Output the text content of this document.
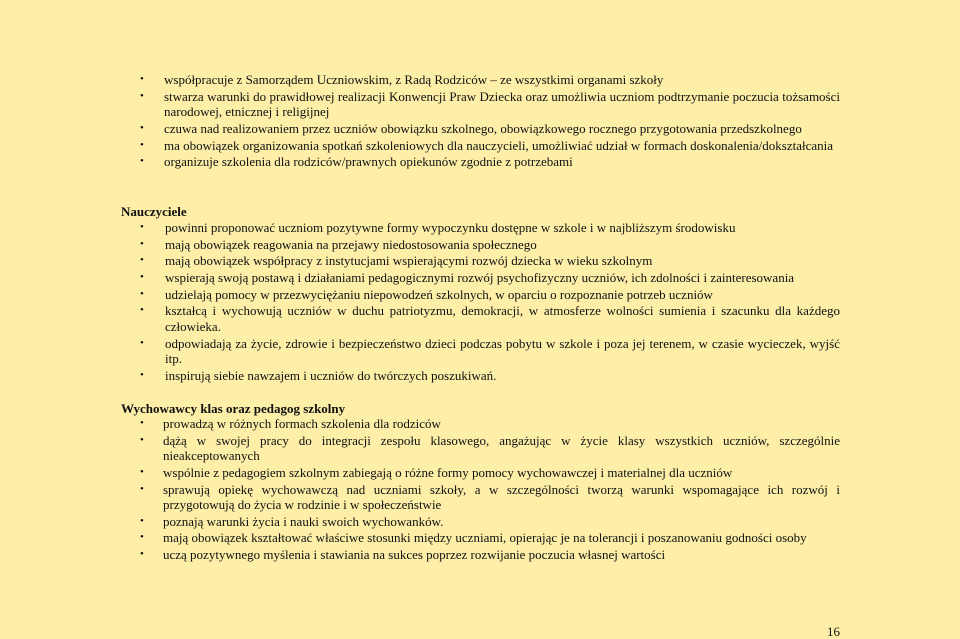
• współpracuje z Samorządem Uczniowskim, z Radą Rodziców – ze wszystkimi organami szkoły
• stwarza warunki do prawidłowej realizacji Konwencji Praw Dziecka oraz umożliwia uczniom podtrzymanie poczucia tożsamości narodowej, etnicznej i religijnej
• czuwa nad realizowaniem przez uczniów obowiązku szkolnego, obowiązkowego rocznego przygotowania przedszkolnego
• ma obowiązek organizowania spotkań szkoleniowych dla nauczycieli, umożliwiać udział w formach doskonalenia/dokształcania
• organizuje szkolenia dla rodziców/prawnych opiekunów zgodnie z potrzebami
Nauczyciele
• powinni proponować uczniom pozytywne formy wypoczynku dostępne w szkole i w najbliższym środowisku
• mają obowiązek reagowania na przejawy niedostosowania społecznego
• mają obowiązek współpracy z instytucjami wspierającymi rozwój dziecka w wieku szkolnym
• wspierają swoją postawą i działaniami pedagogicznymi rozwój psychofizyczny uczniów, ich zdolności i zainteresowania
• udzielają pomocy w przezwyciężaniu niepowodzeń szkolnych, w oparciu o rozpoznanie potrzeb uczniów
• kształcą i wychowują uczniów w duchu patriotyzmu, demokracji, w atmosferze wolności sumienia i szacunku dla każdego człowieka.
• odpowiadają za życie, zdrowie i bezpieczeństwo dzieci podczas pobytu w szkole i poza jej terenem, w czasie wycieczek, wyjść itp.
• inspirują siebie nawzajem i uczniów do twórczych poszukiwań.
Wychowawcy klas oraz pedagog szkolny
• prowadzą w różnych formach szkolenia dla rodziców
• dążą w swojej pracy do integracji zespołu klasowego, angażując w życie klasy wszystkich uczniów, szczególnie nieakceptowanych
• wspólnie z pedagogiem szkolnym zabiegają o różne formy pomocy wychowawczej i materialnej dla uczniów
• sprawują opiekę wychowawczą nad uczniami szkoły, a w szczególności tworzą warunki wspomagające ich rozwój i przygotowują do życia w rodzinie i w społeczeństwie
• poznają warunki życia i nauki swoich wychowanków.
• mają obowiązek kształtować właściwe stosunki między uczniami, opierając je na tolerancji i poszanowaniu godności osoby
• uczą pozytywnego myślenia i stawiania na sukces poprzez rozwijanie poczucia własnej wartości
16
